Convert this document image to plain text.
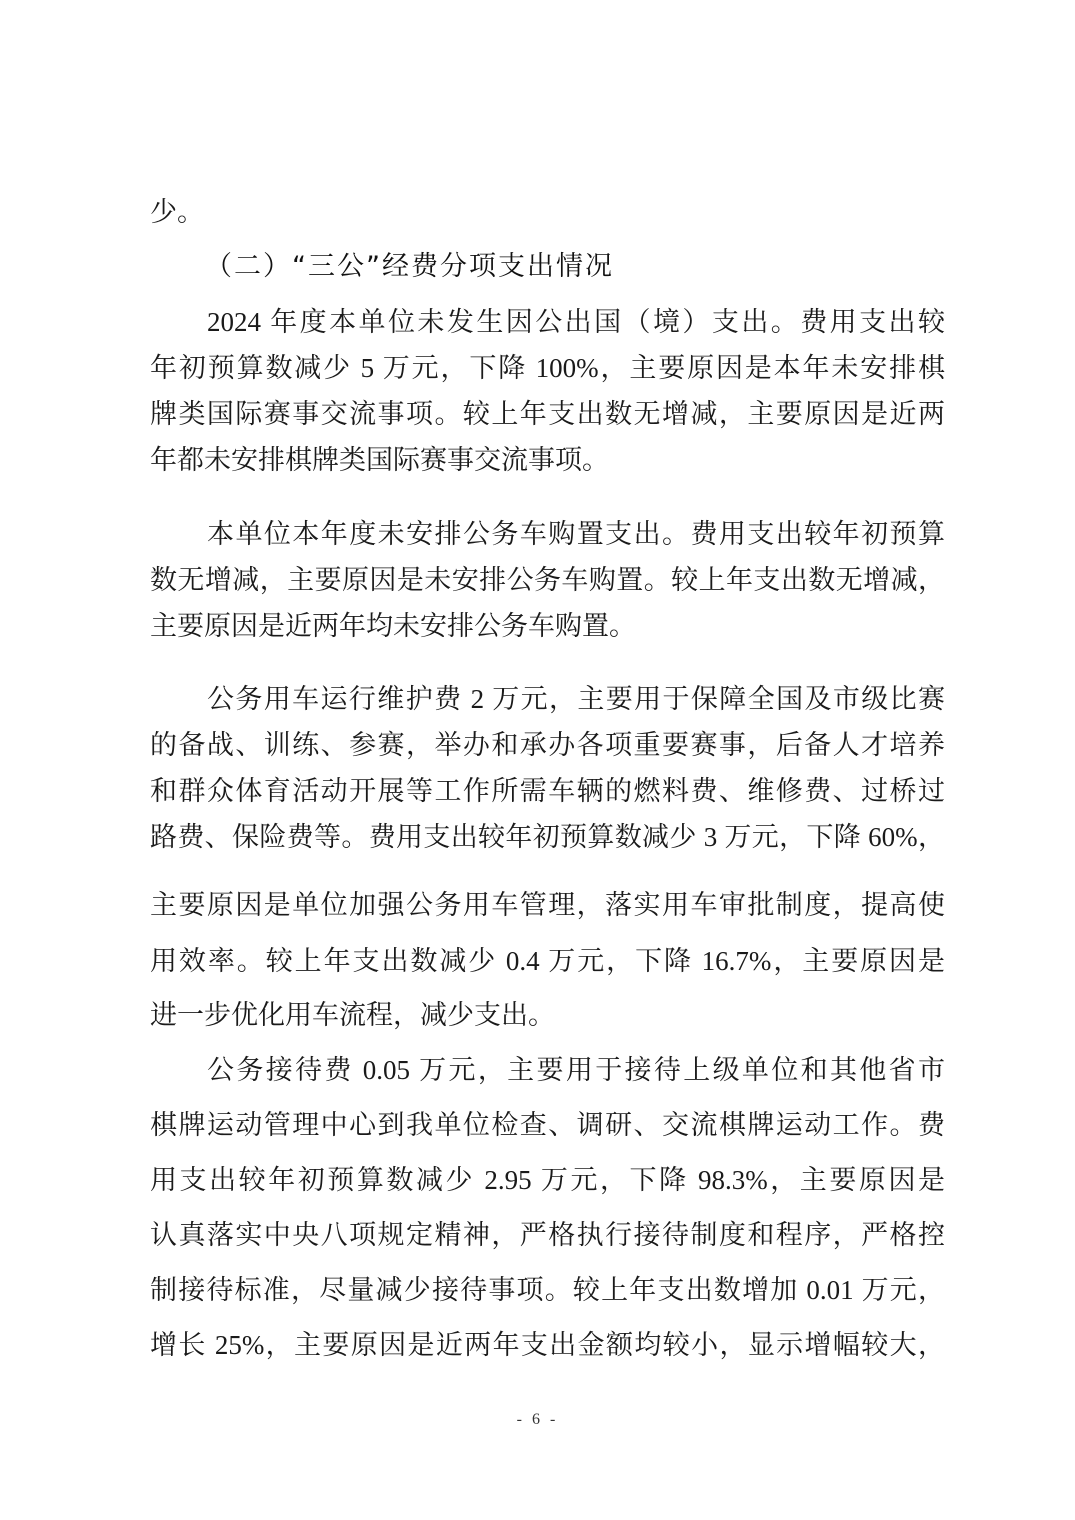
少。
（二）“三公”经费分项支出情况
2024 年度本单位未发生因公出国（境）支出。费用支出较
年初预算数减少 5 万元，下降 100%，主要原因是本年未安排棋
牌类国际赛事交流事项。较上年支出数无增减，主要原因是近两
年都未安排棋牌类国际赛事交流事项。
本单位本年度未安排公务车购置支出。费用支出较年初预算
数无增减，主要原因是未安排公务车购置。较上年支出数无增减，
主要原因是近两年均未安排公务车购置。
公务用车运行维护费 2 万元，主要用于保障全国及市级比赛
的备战、训练、参赛，举办和承办各项重要赛事，后备人才培养
和群众体育活动开展等工作所需车辆的燃料费、维修费、过桥过
路费、保险费等。费用支出较年初预算数减少 3 万元，下降 60%，
主要原因是单位加强公务用车管理，落实用车审批制度，提高使
用效率。较上年支出数减少 0.4 万元，下降 16.7%，主要原因是
进一步优化用车流程，减少支出。
公务接待费 0.05 万元，主要用于接待上级单位和其他省市
棋牌运动管理中心到我单位检查、调研、交流棋牌运动工作。费
用支出较年初预算数减少 2.95 万元，下降 98.3%，主要原因是
认真落实中央八项规定精神，严格执行接待制度和程序，严格控
制接待标准，尽量减少接待事项。较上年支出数增加 0.01 万元，
增长 25%，主要原因是近两年支出金额均较小，显示增幅较大，
- 6 -
